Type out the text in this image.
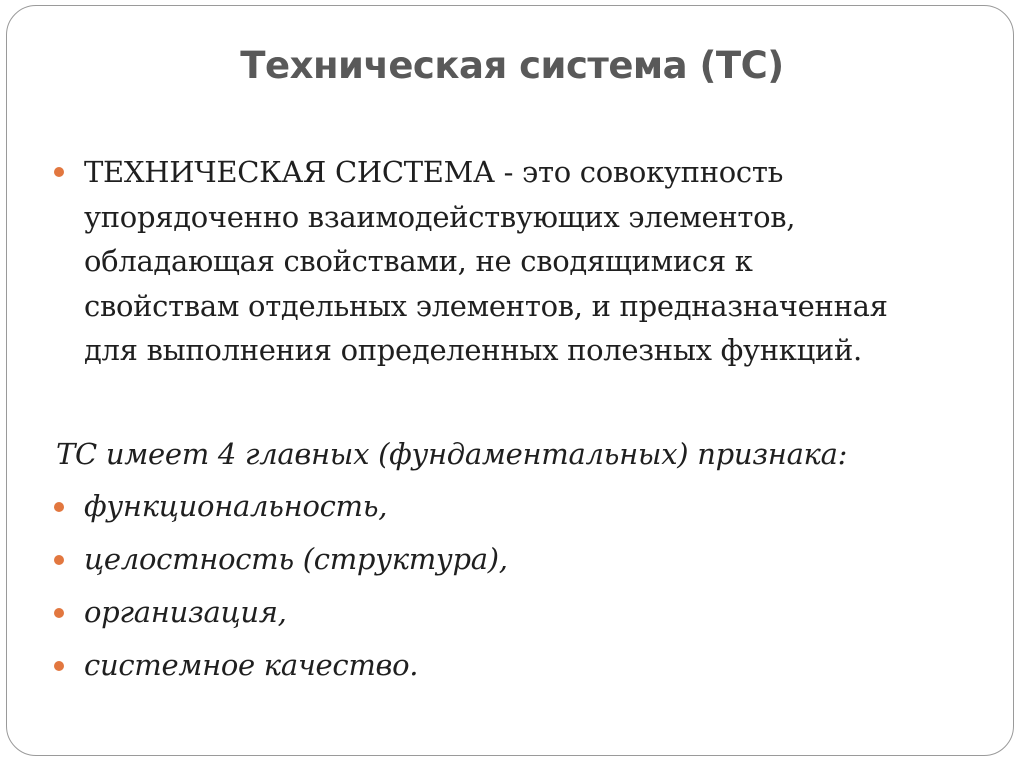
Техническая система (ТС)

ТЕХНИЧЕСКАЯ СИСТЕМА - это совокупность
упорядоченно взаимодействующих элементов,
обладающая свойствами, не сводящимися к
свойствам отдельных элементов, и предназначенная
для выполнения определенных полезных функций.

ТС имеет 4 главных (фундаментальных) признака:
функциональность,
целостность (структура),
организация,
системное качество.
